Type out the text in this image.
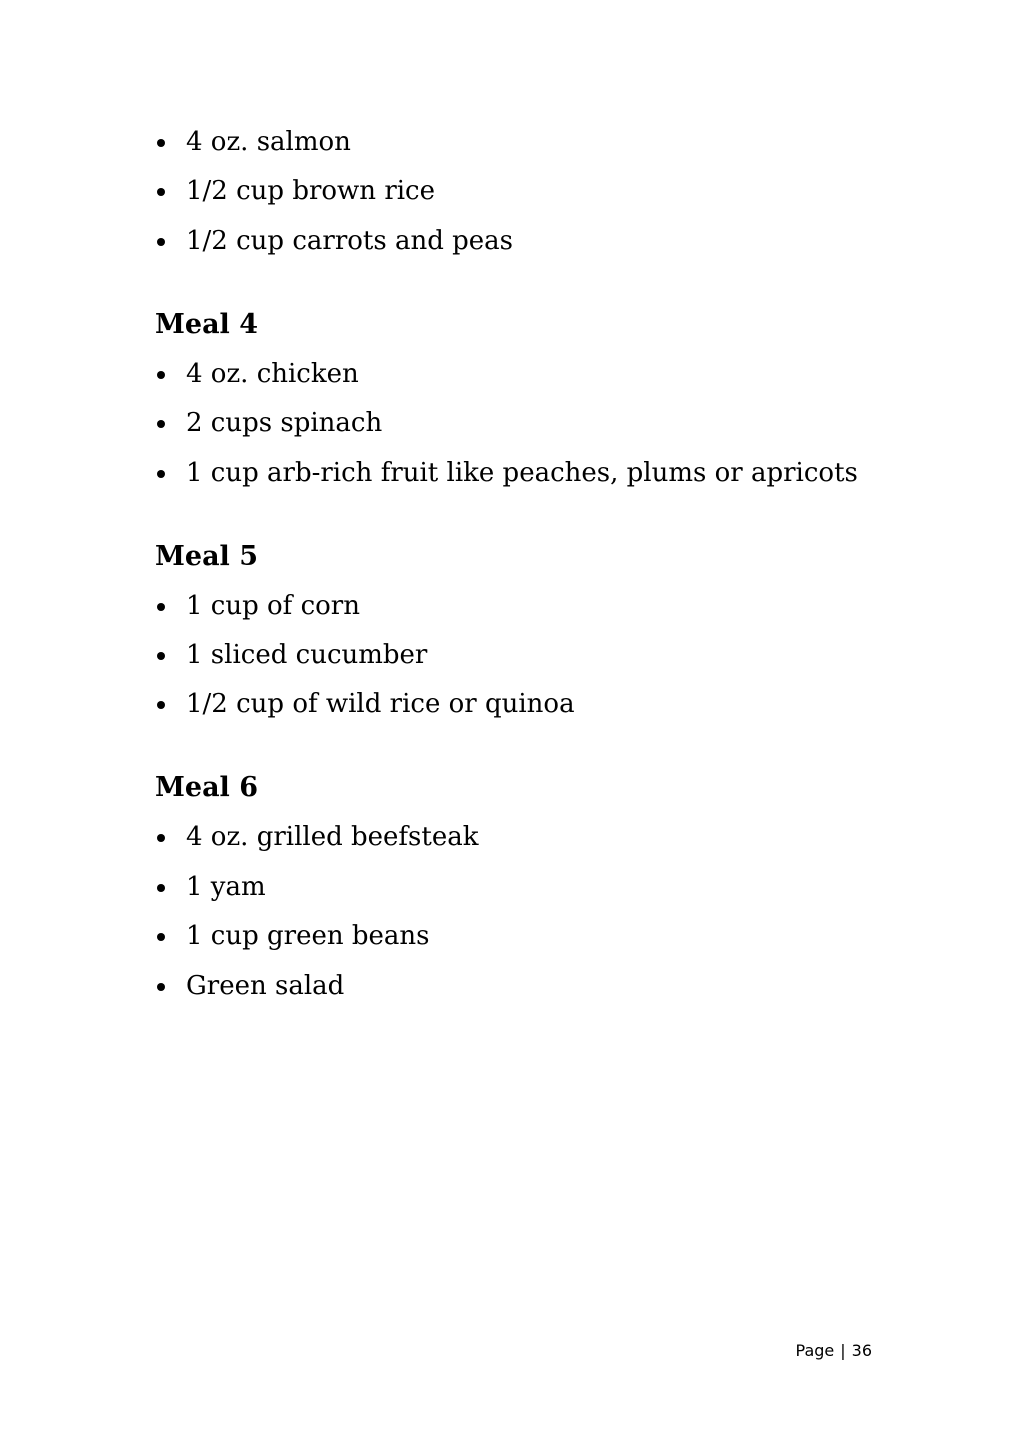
4 oz. salmon
1/2 cup brown rice
1/2 cup carrots and peas
Meal 4
4 oz. chicken
2 cups spinach
1 cup arb-rich fruit like peaches, plums or apricots
Meal 5
1 cup of corn
1 sliced cucumber
1/2 cup of wild rice or quinoa
Meal 6
4 oz. grilled beefsteak
1 yam
1 cup green beans
Green salad
Page | 36
